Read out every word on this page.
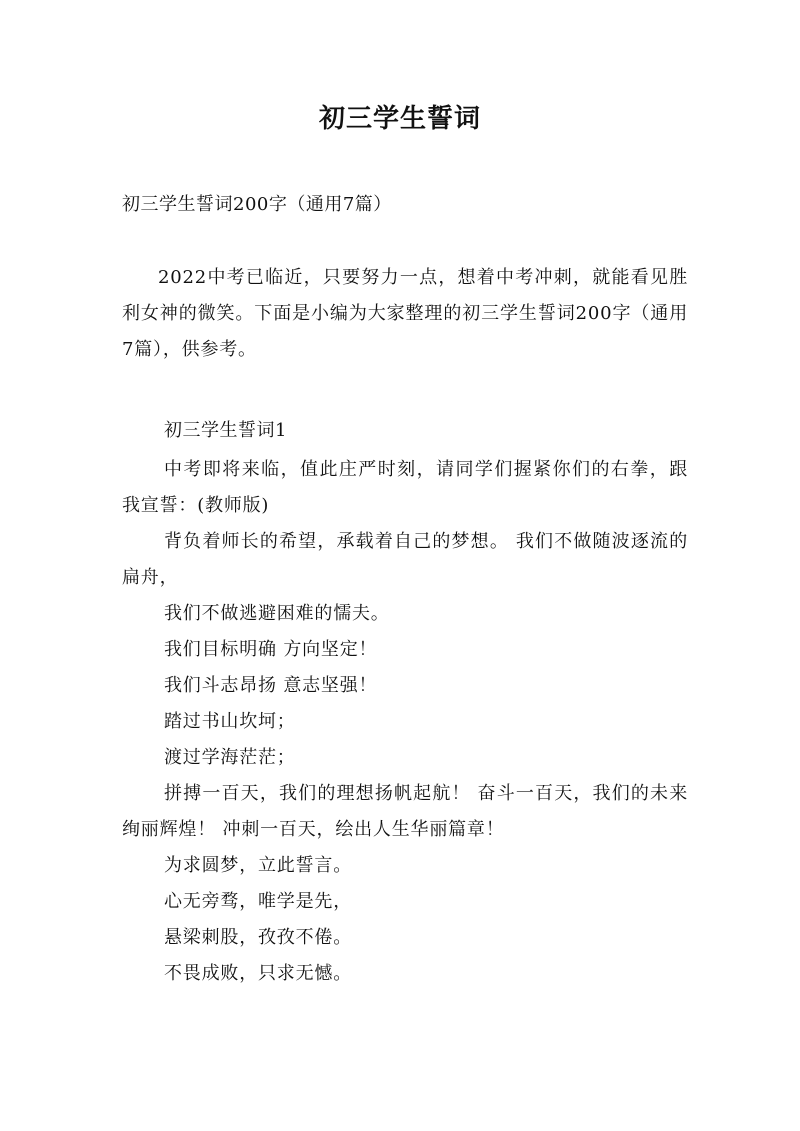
初三学生誓词
初三学生誓词200字（通用7篇）

2022中考已临近，只要努力一点，想着中考冲刺，就能看见胜利女神的微笑。下面是小编为大家整理的初三学生誓词200字（通用7篇），供参考。

初三学生誓词1

中考即将来临，值此庄严时刻，请同学们握紧你们的右拳，跟我宣誓：(教师版)

背负着师长的希望，承载着自己的梦想。 我们不做随波逐流的扁舟，

我们不做逃避困难的懦夫。

我们目标明确 方向坚定！

我们斗志昂扬 意志坚强！

踏过书山坎坷；

渡过学海茫茫；

拼搏一百天，我们的理想扬帆起航！ 奋斗一百天，我们的未来绚丽辉煌！ 冲刺一百天，绘出人生华丽篇章！

为求圆梦，立此誓言。

心无旁骛，唯学是先，

悬梁刺股，孜孜不倦。

不畏成败，只求无憾。
